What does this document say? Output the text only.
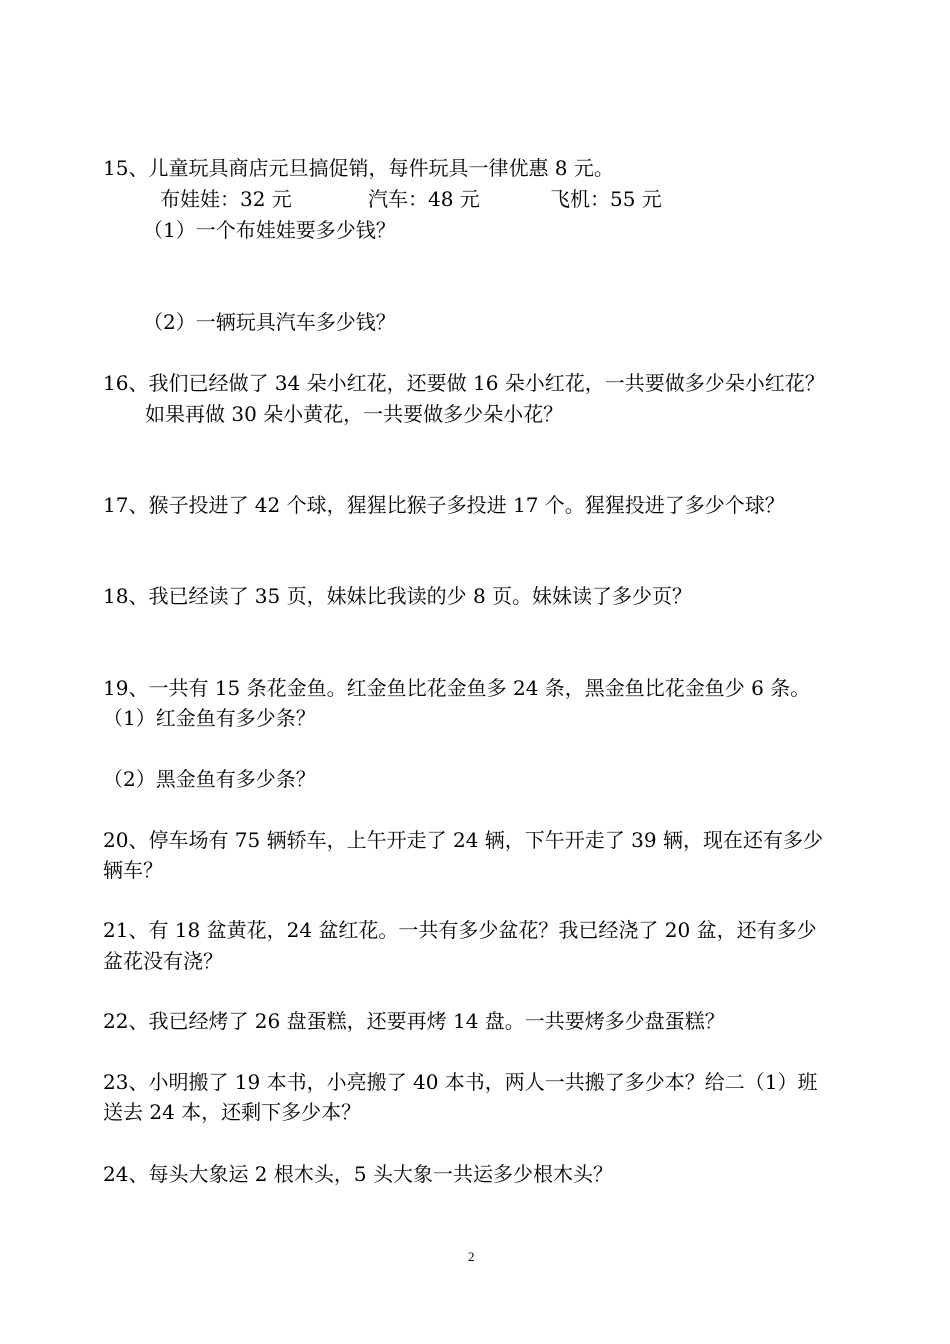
15、儿童玩具商店元旦搞促销，每件玩具一律优惠 8 元。
布娃娃：32 元	汽车：48 元	飞机：55 元
（1）一个布娃娃要多少钱？
（2）一辆玩具汽车多少钱？
16、我们已经做了 34 朵小红花，还要做 16 朵小红花，一共要做多少朵小红花？
如果再做 30 朵小黄花，一共要做多少朵小花？
17、猴子投进了 42 个球，猩猩比猴子多投进 17 个。猩猩投进了多少个球？
18、我已经读了 35 页，妹妹比我读的少 8 页。妹妹读了多少页？
19、一共有 15 条花金鱼。红金鱼比花金鱼多 24 条，黑金鱼比花金鱼少 6 条。
（1）红金鱼有多少条？
（2）黑金鱼有多少条？
20、停车场有 75 辆轿车，上午开走了 24 辆，下午开走了 39 辆，现在还有多少
辆车？
21、有 18 盆黄花，24 盆红花。一共有多少盆花？我已经浇了 20 盆，还有多少
盆花没有浇？
22、我已经烤了 26 盘蛋糕，还要再烤 14 盘。一共要烤多少盘蛋糕？
23、小明搬了 19 本书，小亮搬了 40 本书，两人一共搬了多少本？给二（1）班
送去 24 本，还剩下多少本？
24、每头大象运 2 根木头，5 头大象一共运多少根木头？
2
